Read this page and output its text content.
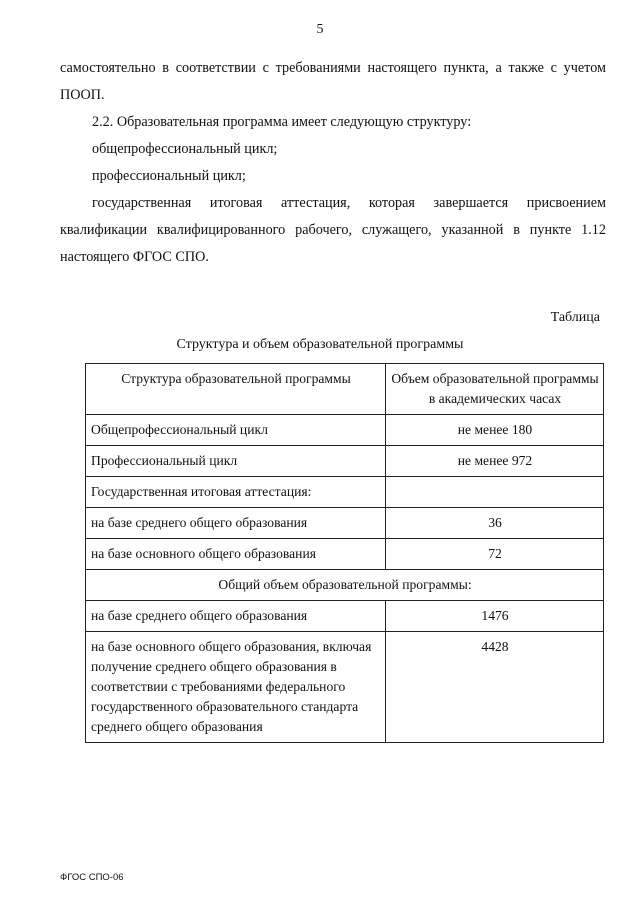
5

самостоятельно в соответствии с требованиями настоящего пункта, а также с учетом ПООП.

2.2. Образовательная программа имеет следующую структуру:

общепрофессиональный цикл;

профессиональный цикл;

государственная итоговая аттестация, которая завершается присвоением квалификации квалифицированного рабочего, служащего, указанной в пункте 1.12 настоящего ФГОС СПО.

Таблица
Структура и объем образовательной программы
Структура образовательной программы	Объем образовательной программы в академических часах
Общепрофессиональный цикл	не менее 180
Профессиональный цикл	не менее 972
Государственная итоговая аттестация:	
на базе среднего общего образования	36
на базе основного общего образования	72
Общий объем образовательной программы:	
на базе среднего общего образования	1476
на базе основного общего образования, включая получение среднего общего образования в соответствии с требованиями федерального государственного образовательного стандарта среднего общего образования	4428
ФГОС СПО-06
